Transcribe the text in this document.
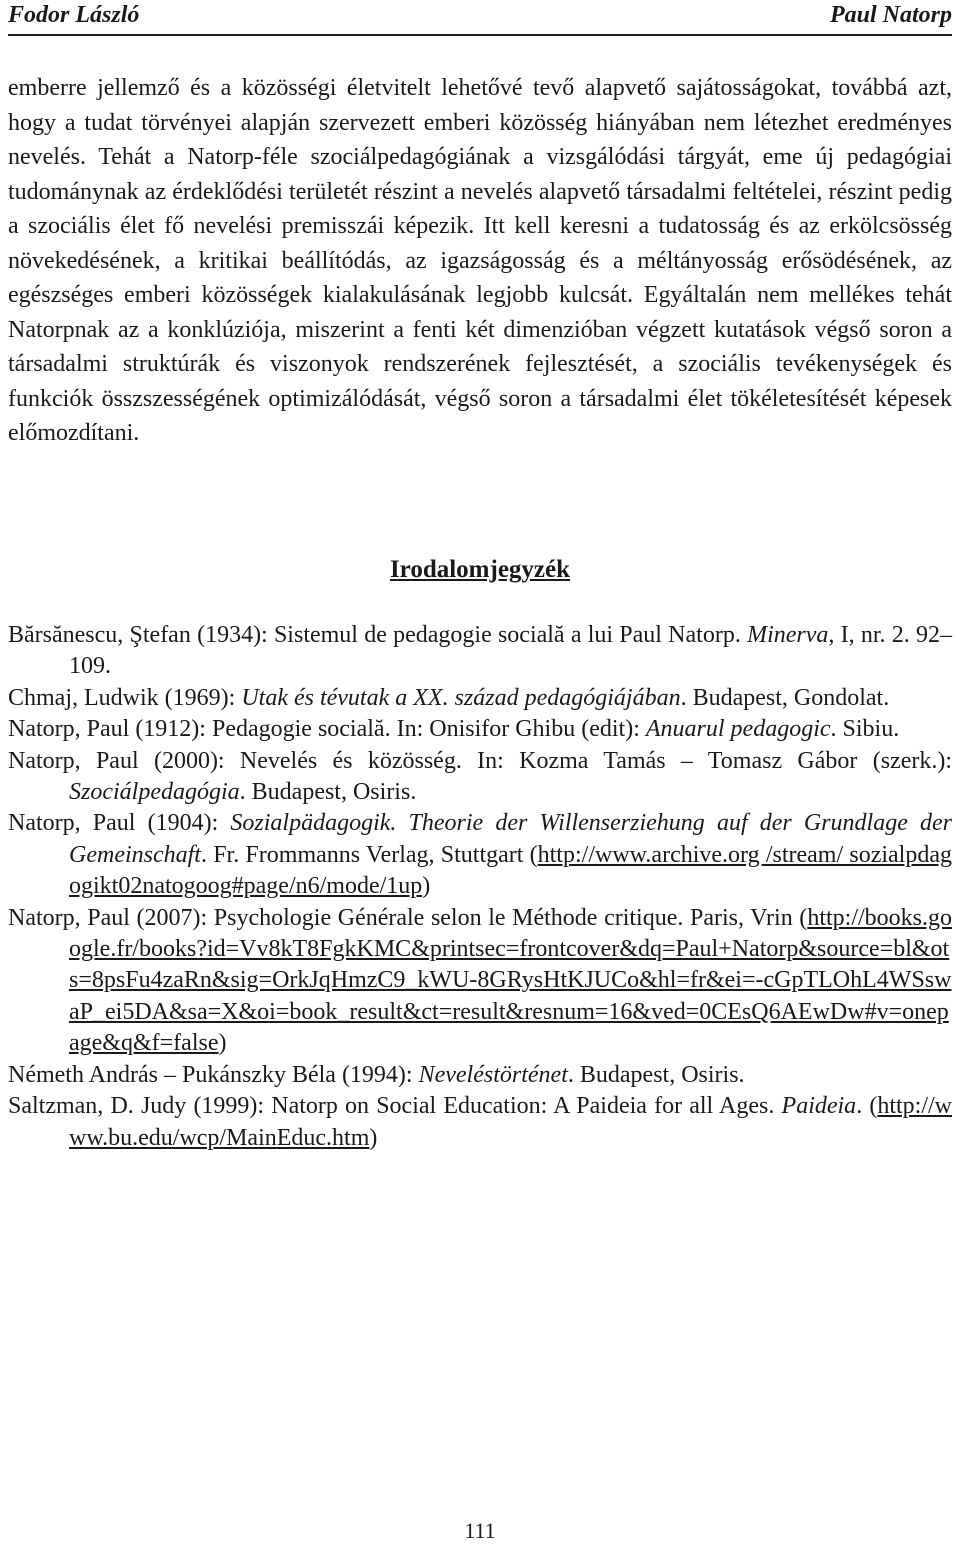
Fodor László	Paul Natorp

emberre jellemző és a közösségi életvitelt lehetővé tevő alapvető sajátosságokat, továbbá azt, hogy a tudat törvényei alapján szervezett emberi közösség hiányában nem létezhet eredményes nevelés. Tehát a Natorp-féle szociálpedagógiának a vizsgálódási tárgyát, eme új pedagógiai tudománynak az érdeklődési területét részint a nevelés alapvető társadalmi feltételei, részint pedig a szociális élet fő nevelési premisszái képezik. Itt kell keresni a tudatosság és az erkölcsösség növekedésének, a kritikai beállítódás, az igazságosság és a méltányosság erősödésének, az egészséges emberi közösségek kialakulásának legjobb kulcsát. Egyáltalán nem mellékes tehát Natorpnak az a konklúziója, miszerint a fenti két dimenzióban végzett kutatások végső soron a társadalmi struktúrák és viszonyok rendszerének fejlesztését, a szociális tevékenységek és funkciók összszességének optimizálódását, végső soron a társadalmi élet tökéletesítését képesek előmozdítani.

Irodalomjegyzék
Bărsănescu, Ştefan (1934): Sistemul de pedagogie socială a lui Paul Natorp. Minerva, I, nr. 2. 92–109.
Chmaj, Ludwik (1969): Utak és tévutak a XX. század pedagógiájában. Budapest, Gondolat.
Natorp, Paul (1912): Pedagogie socială. In: Onisifor Ghibu (edit): Anuarul pedagogic. Sibiu.
Natorp, Paul (2000): Nevelés és közösség. In: Kozma Tamás – Tomasz Gábor (szerk.): Szociálpedagógia. Budapest, Osiris.
Natorp, Paul (1904): Sozialpädagogik. Theorie der Willenserziehung auf der Grundlage der Gemeinschaft. Fr. Frommanns Verlag, Stuttgart (http://www.archive.org /stream/ sozialpdagogikt02natogoog#page/n6/mode/1up)
Natorp, Paul (2007): Psychologie Générale selon le Méthode critique. Paris, Vrin (http://books.google.fr/books?id=Vv8kT8FgkKMC&printsec=frontcover&dq=Paul+Natorp&source=bl&ots=8psFu4zaRn&sig=OrkJqHmzC9_kWU-8GRysHtKJUCo&hl=fr&ei=-cGpTLOhL4WSswaP_ei5DA&sa=X&oi=book_result&ct=result&resnum=16&ved=0CEsQ6AEwDw#v=onepage&q&f=false)
Németh András – Pukánszky Béla (1994): Neveléstörténet. Budapest, Osiris.
Saltzman, D. Judy (1999): Natorp on Social Education: A Paideia for all Ages. Paideia. (http://www.bu.edu/wcp/MainEduc.htm)
111
